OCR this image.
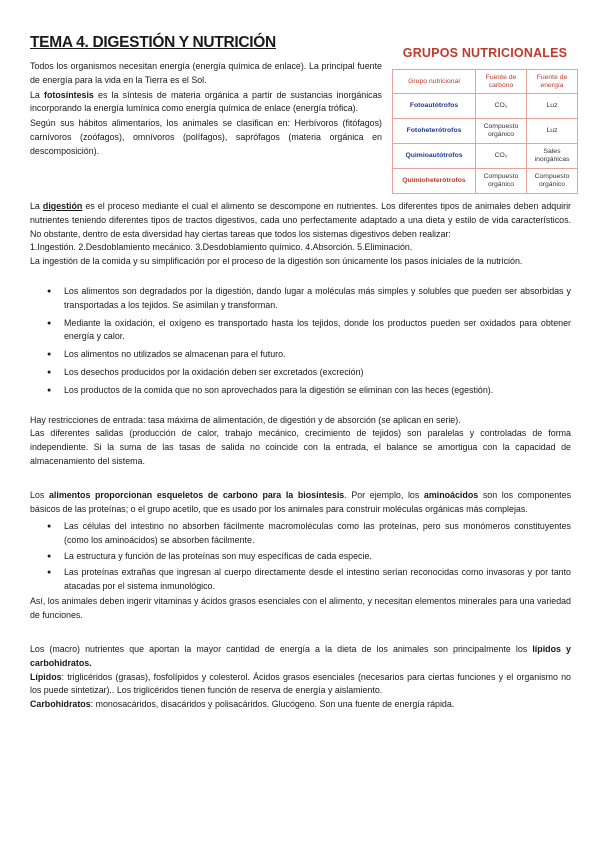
TEMA 4. DIGESTIÓN Y NUTRICIÓN

Todos los organismos necesitan energía (energía química de enlace). La principal fuente de energía para la vida en la Tierra es el Sol.

La fotosíntesis es la síntesis de materia orgánica a partir de sustancias inorgánicas incorporando la energía lumínica como energía química de enlace (energía trófica).

Según sus hábitos alimentarios, los animales se clasifican en: Herbívoros (fitófagos) carnívoros (zoófagos), omnívoros (polífagos), saprófagos (materia orgánica en descomposición).

GRUPOS NUTRICIONALES
Grupo nutricional	Fuente de carbono	Fuente de energía
Fotoautótrofos	CO₂	Luz
Fotoheterótrofos	Compuesto orgánico	Luz
Quimioautótrofos	CO₂	Sales inorgánicas
Quimioheterótrofos	Compuesto orgánico	Compuesto orgánico

La digestión es el proceso mediante el cual el alimento se descompone en nutrientes. Los diferentes tipos de animales deben adquirir nutrientes teniendo diferentes tipos de tractos digestivos, cada uno perfectamente adaptado a una dieta y estilo de vida característicos. No obstante, dentro de esta diversidad hay ciertas tareas que todos los sistemas digestivos deben realizar:

1.Ingestión. 2.Desdoblamiento mecánico. 3.Desdoblamiento químico. 4.Absorción. 5.Eliminación.

La ingestión de la comida y su simplificación por el proceso de la digestión son únicamente los pasos iniciales de la nutrición.

● Los alimentos son degradados por la digestión, dando lugar a moléculas más simples y solubles que pueden ser absorbidas y transportadas a los tejidos. Se asimilan y transforman.
● Mediante la oxidación, el oxígeno es transportado hasta los tejidos, donde los productos pueden ser oxidados para obtener energía y calor.
● Los alimentos no utilizados se almacenan para el futuro.
● Los desechos producidos por la oxidación deben ser excretados (excreción)
● Los productos de la comida que no son aprovechados para la digestión se eliminan con las heces (egestión).

Hay restricciones de entrada: tasa máxima de alimentación, de digestión y de absorción (se aplican en serie).

Las diferentes salidas (producción de calor, trabajo mecánico, crecimiento de tejidos) son paralelas y controladas de forma independiente. Si la suma de las tasas de salida no coincide con la entrada, el balance se amortigua con la capacidad de almacenamiento del sistema.

Los alimentos proporcionan esqueletos de carbono para la biosíntesis. Por ejemplo, los aminoácidos son los componentes básicos de las proteínas; o el grupo acetilo, que es usado por los animales para construir moléculas orgánicas más complejas.

● Las células del intestino no absorben fácilmente macromoléculas como las proteínas, pero sus monómeros constituyentes (como los aminoácidos) se absorben fácilmente.
● La estructura y función de las proteínas son muy específicas de cada especie.
● Las proteínas extrañas que ingresan al cuerpo directamente desde el intestino serían reconocidas como invasoras y por tanto atacadas por el sistema inmunológico.

Así, los animales deben ingerir vitaminas y ácidos grasos esenciales con el alimento, y necesitan elementos minerales para una variedad de funciones.

Los (macro) nutrientes que aportan la mayor cantidad de energía a la dieta de los animales son principalmente los lípidos y carbohidratos.

Lípidos: triglicéridos (grasas), fosfolípidos y colesterol. Ácidos grasos esenciales (necesarios para ciertas funciones y el organismo no los puede sintetizar).. Los triglicéridos tienen función de reserva de energía y aislamiento.

Carbohidratos: monosacáridos, disacáridos y polisacáridos. Glucógeno. Son una fuente de energía rápida.
